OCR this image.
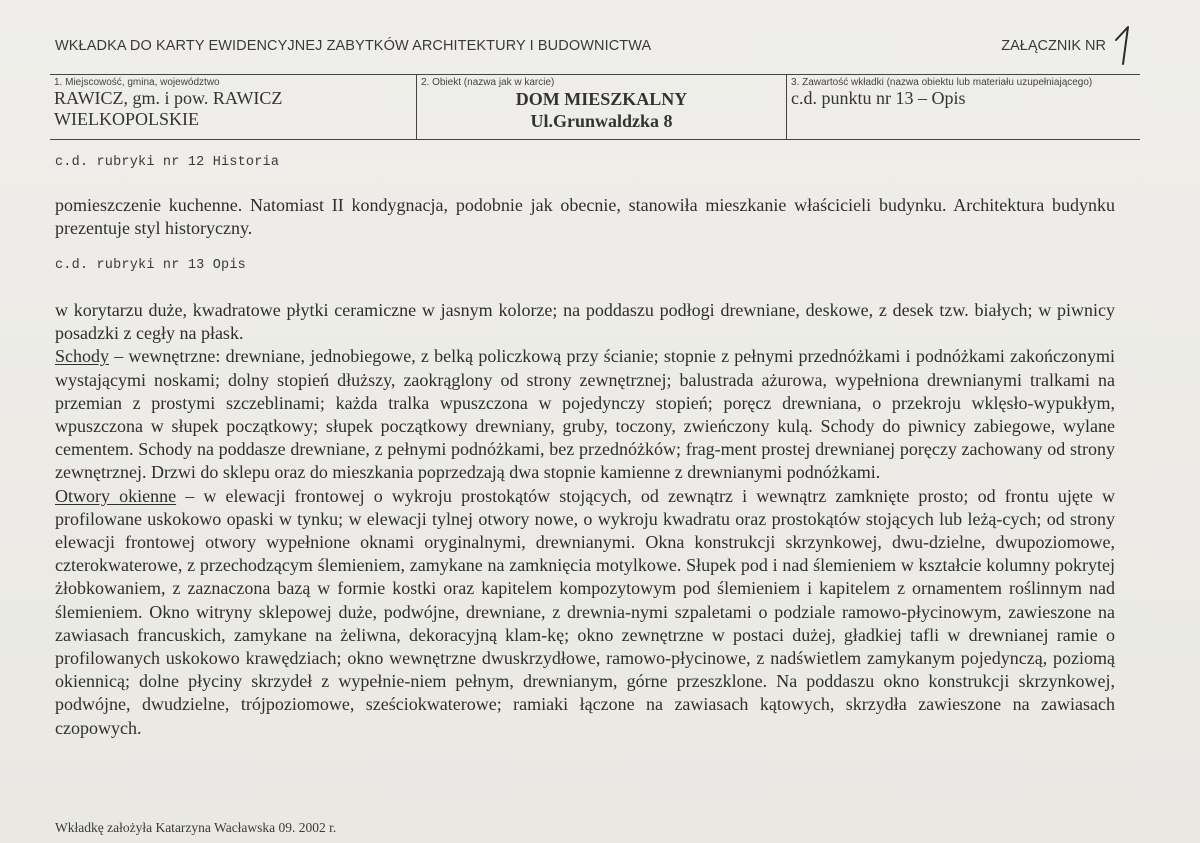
WKŁADKA DO KARTY EWIDENCYJNEJ ZABYTKÓW ARCHITEKTURY I BUDOWNICTWA	ZAŁĄCZNIK NR
1. Miejscowość, gmina, województwo
RAWICZ, gm. i pow. RAWICZ
WIELKOPOLSKIE
2. Obiekt (nazwa jak w karcie)
DOM MIESZKALNY
Ul.Grunwaldzka 8
3. Zawartość wkładki (nazwa obiektu lub materiału uzupełniającego)
c.d. punktu nr 13 – Opis
c.d. rubryki nr 12 Historia

pomieszczenie kuchenne. Natomiast II kondygnacja, podobnie jak obecnie, stanowiła mieszkanie właścicieli budynku. Architektura budynku prezentuje styl historyczny.

c.d. rubryki nr 13 Opis

w korytarzu duże, kwadratowe płytki ceramiczne w jasnym kolorze; na poddaszu podłogi drewniane, deskowe, z desek tzw. białych; w piwnicy posadzki z cegły na płask.

Schody – wewnętrzne: drewniane, jednobiegowe, z belką policzkową przy ścianie; stopnie z pełnymi przednóżkami i podnóżkami zakończonymi wystającymi noskami; dolny stopień dłuższy, zaokrąglony od strony zewnętrznej; balustrada ażurowa, wypełniona drewnianymi tralkami na przemian z prostymi szczeblinami; każda tralka wpuszczona w pojedynczy stopień; poręcz drewniana, o przekroju wklęsło-wypukłym, wpuszczona w słupek początkowy; słupek początkowy drewniany, gruby, toczony, zwieńczony kulą. Schody do piwnicy zabiegowe, wylane cementem. Schody na poddasze drewniane, z pełnymi podnóżkami, bez przednóżków; frag-ment prostej drewnianej poręczy zachowany od strony zewnętrznej. Drzwi do sklepu oraz do mieszkania poprzedzają dwa stopnie kamienne z drewnianymi podnóżkami.

Otwory okienne – w elewacji frontowej o wykroju prostokątów stojących, od zewnątrz i wewnątrz zamknięte prosto; od frontu ujęte w profilowane uskokowo opaski w tynku; w elewacji tylnej otwory nowe, o wykroju kwadratu oraz prostokątów stojących lub leżą-cych; od strony elewacji frontowej otwory wypełnione oknami oryginalnymi, drewnianymi. Okna konstrukcji skrzynkowej, dwu-dzielne, dwupoziomowe, czterokwaterowe, z przechodzącym ślemieniem, zamykane na zamknięcia motylkowe. Słupek pod i nad ślemieniem w kształcie kolumny pokrytej żłobkowaniem, z zaznaczona bazą w formie kostki oraz kapitelem kompozytowym pod ślemieniem i kapitelem z ornamentem roślinnym nad ślemieniem. Okno witryny sklepowej duże, podwójne, drewniane, z drewnia-nymi szpaletami o podziale ramowo-płycinowym, zawieszone na zawiasach francuskich, zamykane na żeliwna, dekoracyjną klam-kę; okno zewnętrzne w postaci dużej, gładkiej tafli w drewnianej ramie o profilowanych uskokowo krawędziach; okno wewnętrzne dwuskrzydłowe, ramowo-płycinowe, z nadświetlem zamykanym pojedynczą, poziomą okiennicą; dolne płyciny skrzydeł z wypełnie-niem pełnym, drewnianym, górne przeszklone. Na poddaszu okno konstrukcji skrzynkowej, podwójne, dwudzielne, trójpoziomowe, sześciokwaterowe; ramiaki łączone na zawiasach kątowych, skrzydła zawieszone na zawiasach czopowych.

Wkładkę założyła Katarzyna Wacławska 09. 2002 r.
